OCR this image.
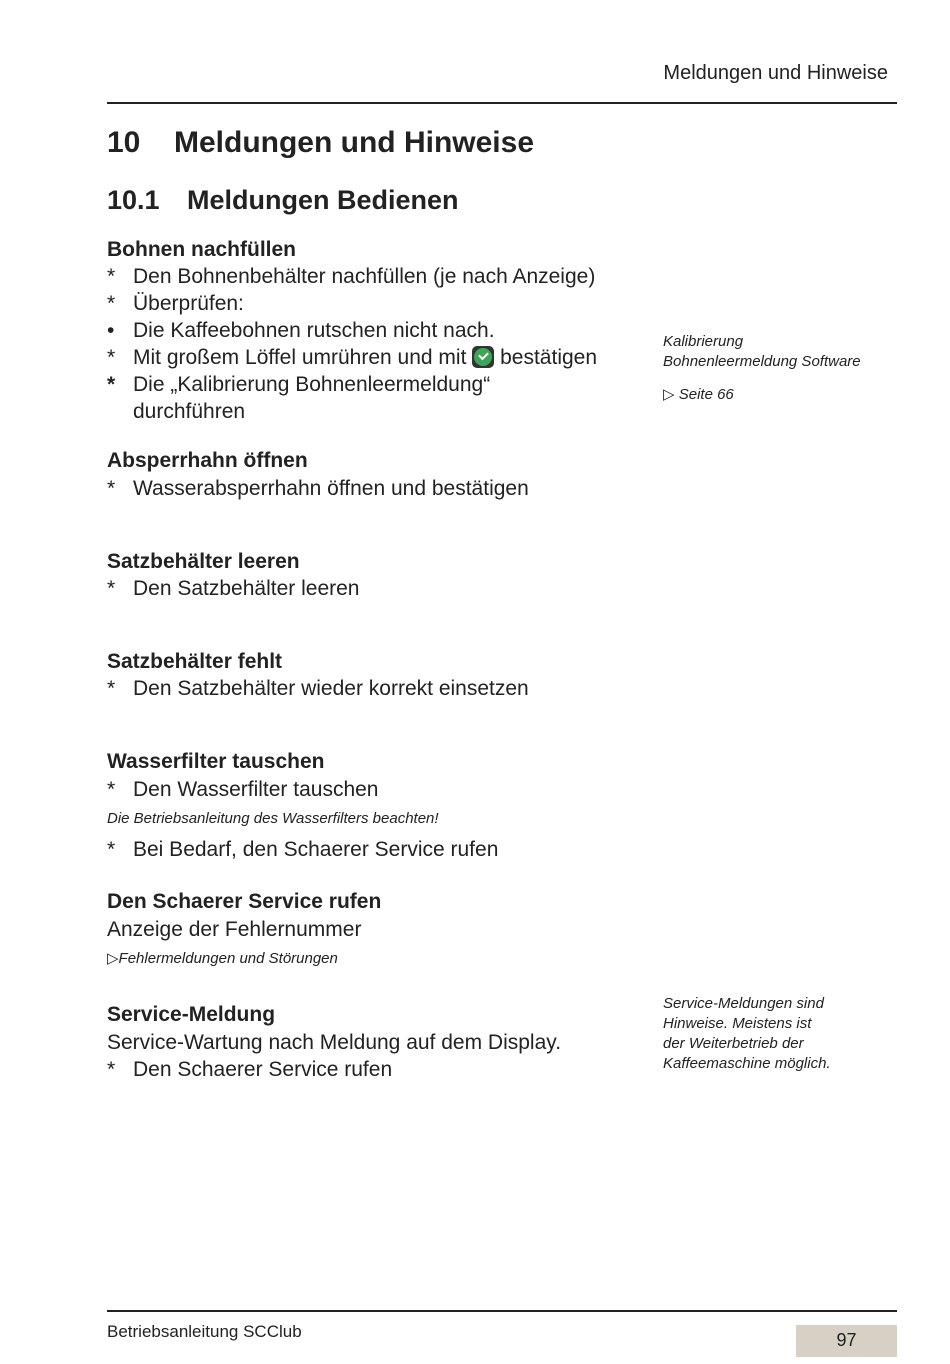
Meldungen und Hinweise
10 Meldungen und Hinweise
10.1 Meldungen Bedienen
Bohnen nachfüllen
* Den Bohnenbehälter nachfüllen (je nach Anzeige)
* Überprüfen:
• Die Kaffeebohnen rutschen nicht nach.
* Mit großem Löffel umrühren und mit bestätigen
* Die „Kalibrierung Bohnenleermeldung“
durchführen
Absperrhahn öffnen
* Wasserabsperrhahn öffnen und bestätigen
Satzbehälter leeren
* Den Satzbehälter leeren
Satzbehälter fehlt
* Den Satzbehälter wieder korrekt einsetzen
Wasserfilter tauschen
* Den Wasserfilter tauschen
Die Betriebsanleitung des Wasserfilters beachten!
* Bei Bedarf, den Schaerer Service rufen
Den Schaerer Service rufen
Anzeige der Fehlernummer
▷Fehlermeldungen und Störungen
Service-Meldung
Service-Wartung nach Meldung auf dem Display.
* Den Schaerer Service rufen
Kalibrierung
Bohnenleermeldung Software
▷ Seite 66
Service-Meldungen sind
Hinweise. Meistens ist
der Weiterbetrieb der
Kaffeemaschine möglich.
Betriebsanleitung SCClub	97
